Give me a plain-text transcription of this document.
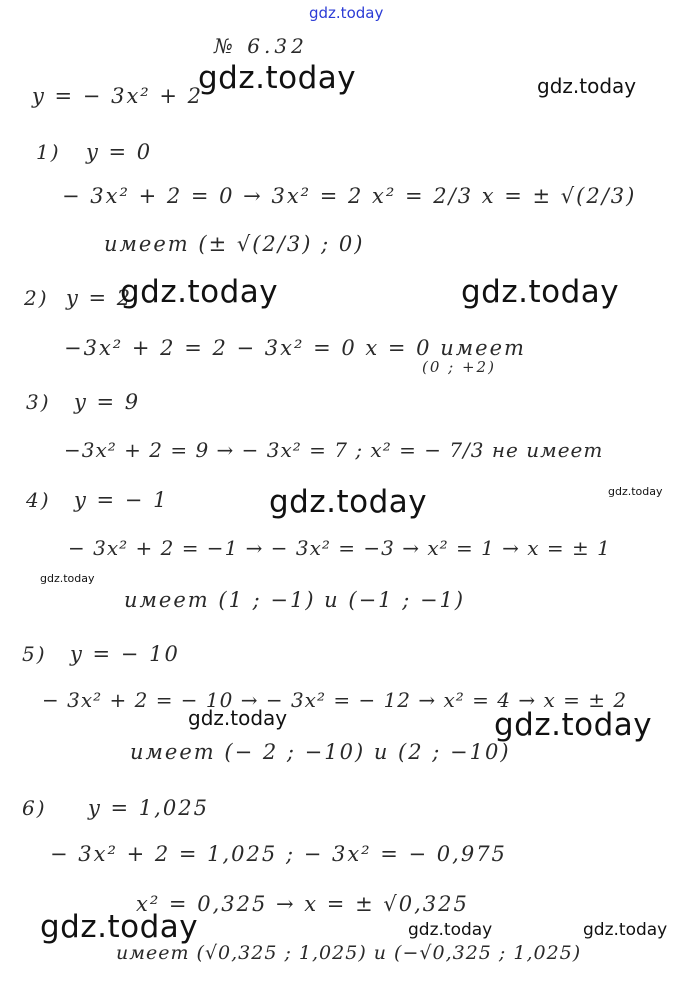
gdz.today
№ 6.32
y = − 3x² + 2
1) y = 0
− 3x² + 2 = 0 → 3x² = 2 x² = 2/3 x = ± √(2/3)
имеет (± √(2/3) ; 0)
2) y = 2
−3x² + 2 = 2 − 3x² = 0 x = 0 имеет
(0 ; +2)
3) y = 9
−3x² + 2 = 9 → − 3x² = 7 ; x² = − 7/3 не имеет
4) y = − 1
− 3x² + 2 = −1 → − 3x² = −3 → x² = 1 → x = ± 1
имеет (1 ; −1) и (−1 ; −1)
5) y = − 10
− 3x² + 2 = − 10 → − 3x² = − 12 → x² = 4 → x = ± 2
имеет (− 2 ; −10) и (2 ; −10)
6) y = 1,025
− 3x² + 2 = 1,025 ; − 3x² = − 0,975
x² = 0,325 → x = ± √0,325
имеет (√0,325 ; 1,025) и (−√0,325 ; 1,025)
gdz.today	gdz.today
gdz.today	gdz.today
gdz.today	gdz.today
gdz.today
gdz.today	gdz.today
gdz.today	gdz.today	gdz.today
